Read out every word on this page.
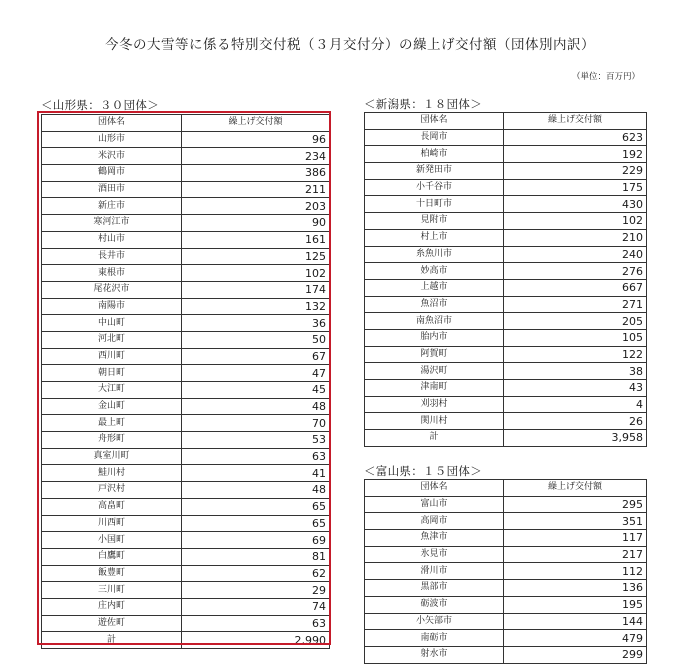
今冬の大雪等に係る特別交付税（３月交付分）の繰上げ交付額（団体別内訳）
（単位：百万円）
＜山形県：３０団体＞
団体名	繰上げ交付額
山形市	96
米沢市	234
鶴岡市	386
酒田市	211
新庄市	203
寒河江市	90
村山市	161
長井市	125
東根市	102
尾花沢市	174
南陽市	132
中山町	36
河北町	50
西川町	67
朝日町	47
大江町	45
金山町	48
最上町	70
舟形町	53
真室川町	63
鮭川村	41
戸沢村	48
高畠町	65
川西町	65
小国町	69
白鷹町	81
飯豊町	62
三川町	29
庄内町	74
遊佐町	63
計	2,990
＜新潟県：１８団体＞
団体名	繰上げ交付額
長岡市	623
柏崎市	192
新発田市	229
小千谷市	175
十日町市	430
見附市	102
村上市	210
糸魚川市	240
妙高市	276
上越市	667
魚沼市	271
南魚沼市	205
胎内市	105
阿賀町	122
湯沢町	38
津南町	43
刈羽村	4
関川村	26
計	3,958
＜富山県：１５団体＞
団体名	繰上げ交付額
富山市	295
高岡市	351
魚津市	117
氷見市	217
滑川市	112
黒部市	136
砺波市	195
小矢部市	144
南砺市	479
射水市	299
